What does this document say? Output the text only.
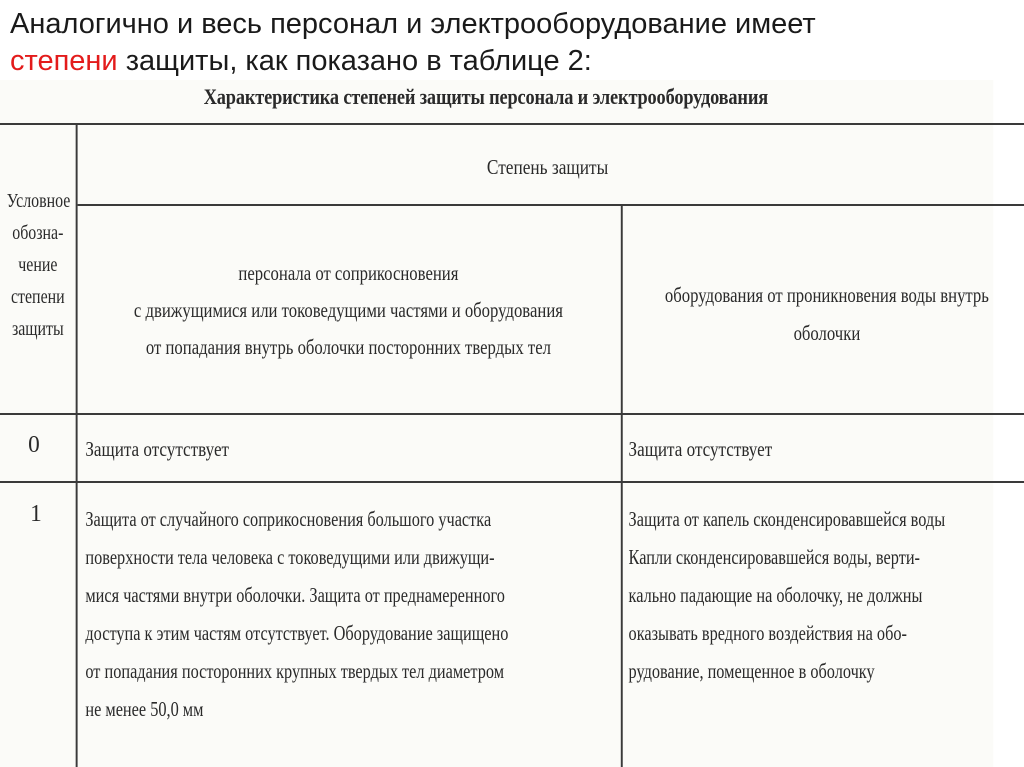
Аналогично и весь персонал и электрооборудование имеет
степени защиты, как показано в таблице 2:
Характеристика степеней защиты персонала и электрооборудования
Условное
обозна-
чение
степени
защиты
Степень защиты
персонала от соприкосновения
с движущимися или токоведущими частями и оборудования
от попадания внутрь оболочки посторонних твердых тел
оборудования от проникновения воды внутрь
оболочки
0 Защита отсутствует	Защита отсутствует
1 Защита от случайного соприкосновения большого участка
поверхности тела человека с токоведущими или движущи-
мися частями внутри оболочки. Защита от преднамеренного
доступа к этим частям отсутствует. Оборудование защищено
от попадания посторонних крупных твердых тел диаметром
не менее 50,0 мм
Защита от капель сконденсировавшейся воды
Капли сконденсировавшейся воды, верти-
кально падающие на оболочку, не должны
оказывать вредного воздействия на обо-
рудование, помещенное в оболочку
